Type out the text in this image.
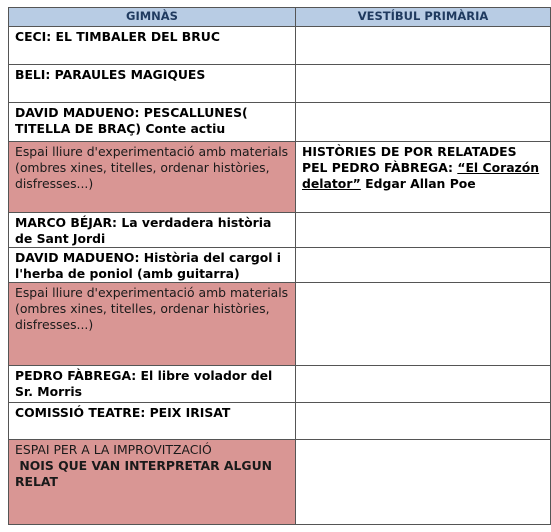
GIMNÀS	VESTÍBUL PRIMÀRIA
CECI: EL TIMBALER DEL BRUC	
BELI: PARAULES MAGIQUES	
DAVID MADUENO: PESCALLUNES( TITELLA DE BRAÇ) Conte actiu	
Espai lliure d'experimentació amb materials (ombres xines, titelles, ordenar històries, disfresses...)	HISTÒRIES DE POR RELATADES PEL PEDRO FÀBREGA: “El Corazón delator” Edgar Allan Poe
MARCO BÉJAR: La verdadera història de Sant Jordi	
DAVID MADUENO: Història del cargol i l'herba de poniol (amb guitarra)	
Espai lliure d'experimentació amb materials (ombres xines, titelles, ordenar històries, disfresses...)	
PEDRO FÀBREGA: El libre volador del Sr. Morris	
COMISSIÓ TEATRE: PEIX IRISAT	

ESPAI PER A LA IMPROVITZACIÓ
NOIS QUE VAN INTERPRETAR ALGUN RELAT	
